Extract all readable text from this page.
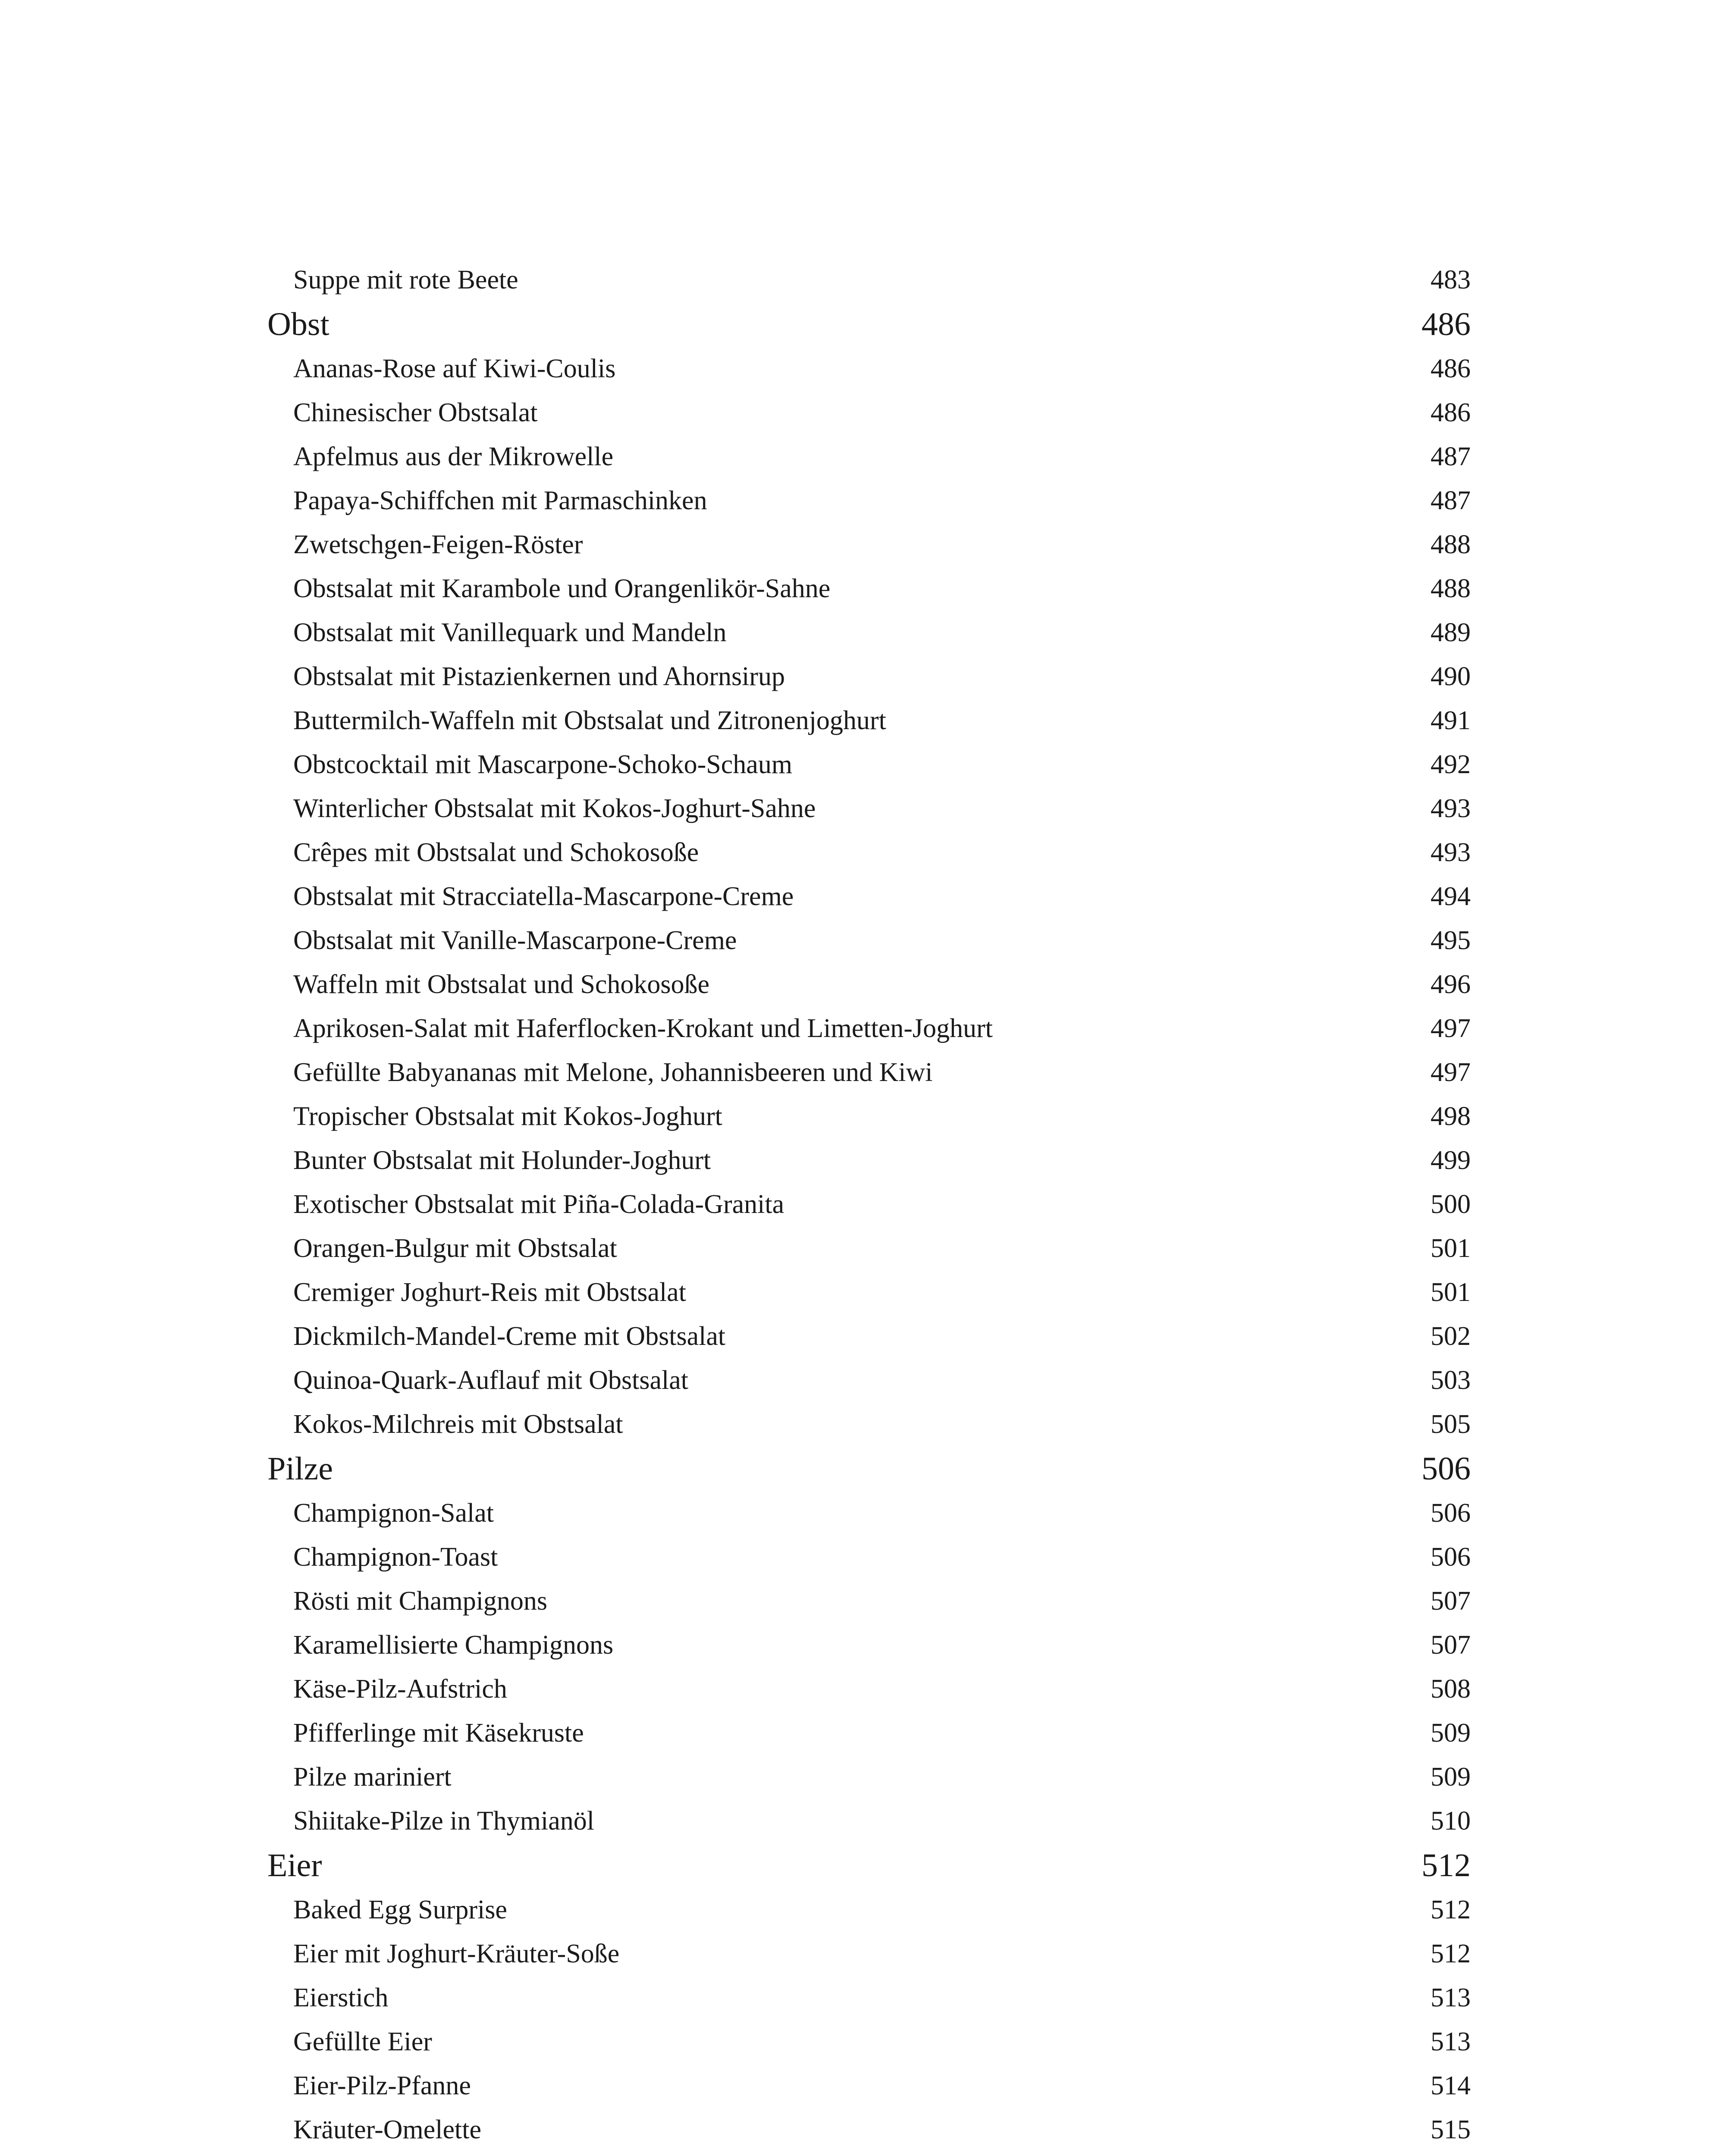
Suppe mit rote Beete	483
Obst	486
Ananas-Rose auf Kiwi-Coulis	486
Chinesischer Obstsalat	486
Apfelmus aus der Mikrowelle	487
Papaya-Schiffchen mit Parmaschinken	487
Zwetschgen-Feigen-Röster	488
Obstsalat mit Karambole und Orangenlikör-Sahne	488
Obstsalat mit Vanillequark und Mandeln	489
Obstsalat mit Pistazienkernen und Ahornsirup	490
Buttermilch-Waffeln mit Obstsalat und Zitronenjoghurt	491
Obstcocktail mit Mascarpone-Schoko-Schaum	492
Winterlicher Obstsalat mit Kokos-Joghurt-Sahne	493
Crêpes mit Obstsalat und Schokosoße	493
Obstsalat mit Stracciatella-Mascarpone-Creme	494
Obstsalat mit Vanille-Mascarpone-Creme	495
Waffeln mit Obstsalat und Schokosoße	496
Aprikosen-Salat mit Haferflocken-Krokant und Limetten-Joghurt	497
Gefüllte Babyananas mit Melone, Johannisbeeren und Kiwi	497
Tropischer Obstsalat mit Kokos-Joghurt	498
Bunter Obstsalat mit Holunder-Joghurt	499
Exotischer Obstsalat mit Piña-Colada-Granita	500
Orangen-Bulgur mit Obstsalat	501
Cremiger Joghurt-Reis mit Obstsalat	501
Dickmilch-Mandel-Creme mit Obstsalat	502
Quinoa-Quark-Auflauf mit Obstsalat	503
Kokos-Milchreis mit Obstsalat	505
Pilze	506
Champignon-Salat	506
Champignon-Toast	506
Rösti mit Champignons	507
Karamellisierte Champignons	507
Käse-Pilz-Aufstrich	508
Pfifferlinge mit Käsekruste	509
Pilze mariniert	509
Shiitake-Pilze in Thymianöl	510
Eier	512
Baked Egg Surprise	512
Eier mit Joghurt-Kräuter-Soße	512
Eierstich	513
Gefüllte Eier	513
Eier-Pilz-Pfanne	514
Kräuter-Omelette	515
